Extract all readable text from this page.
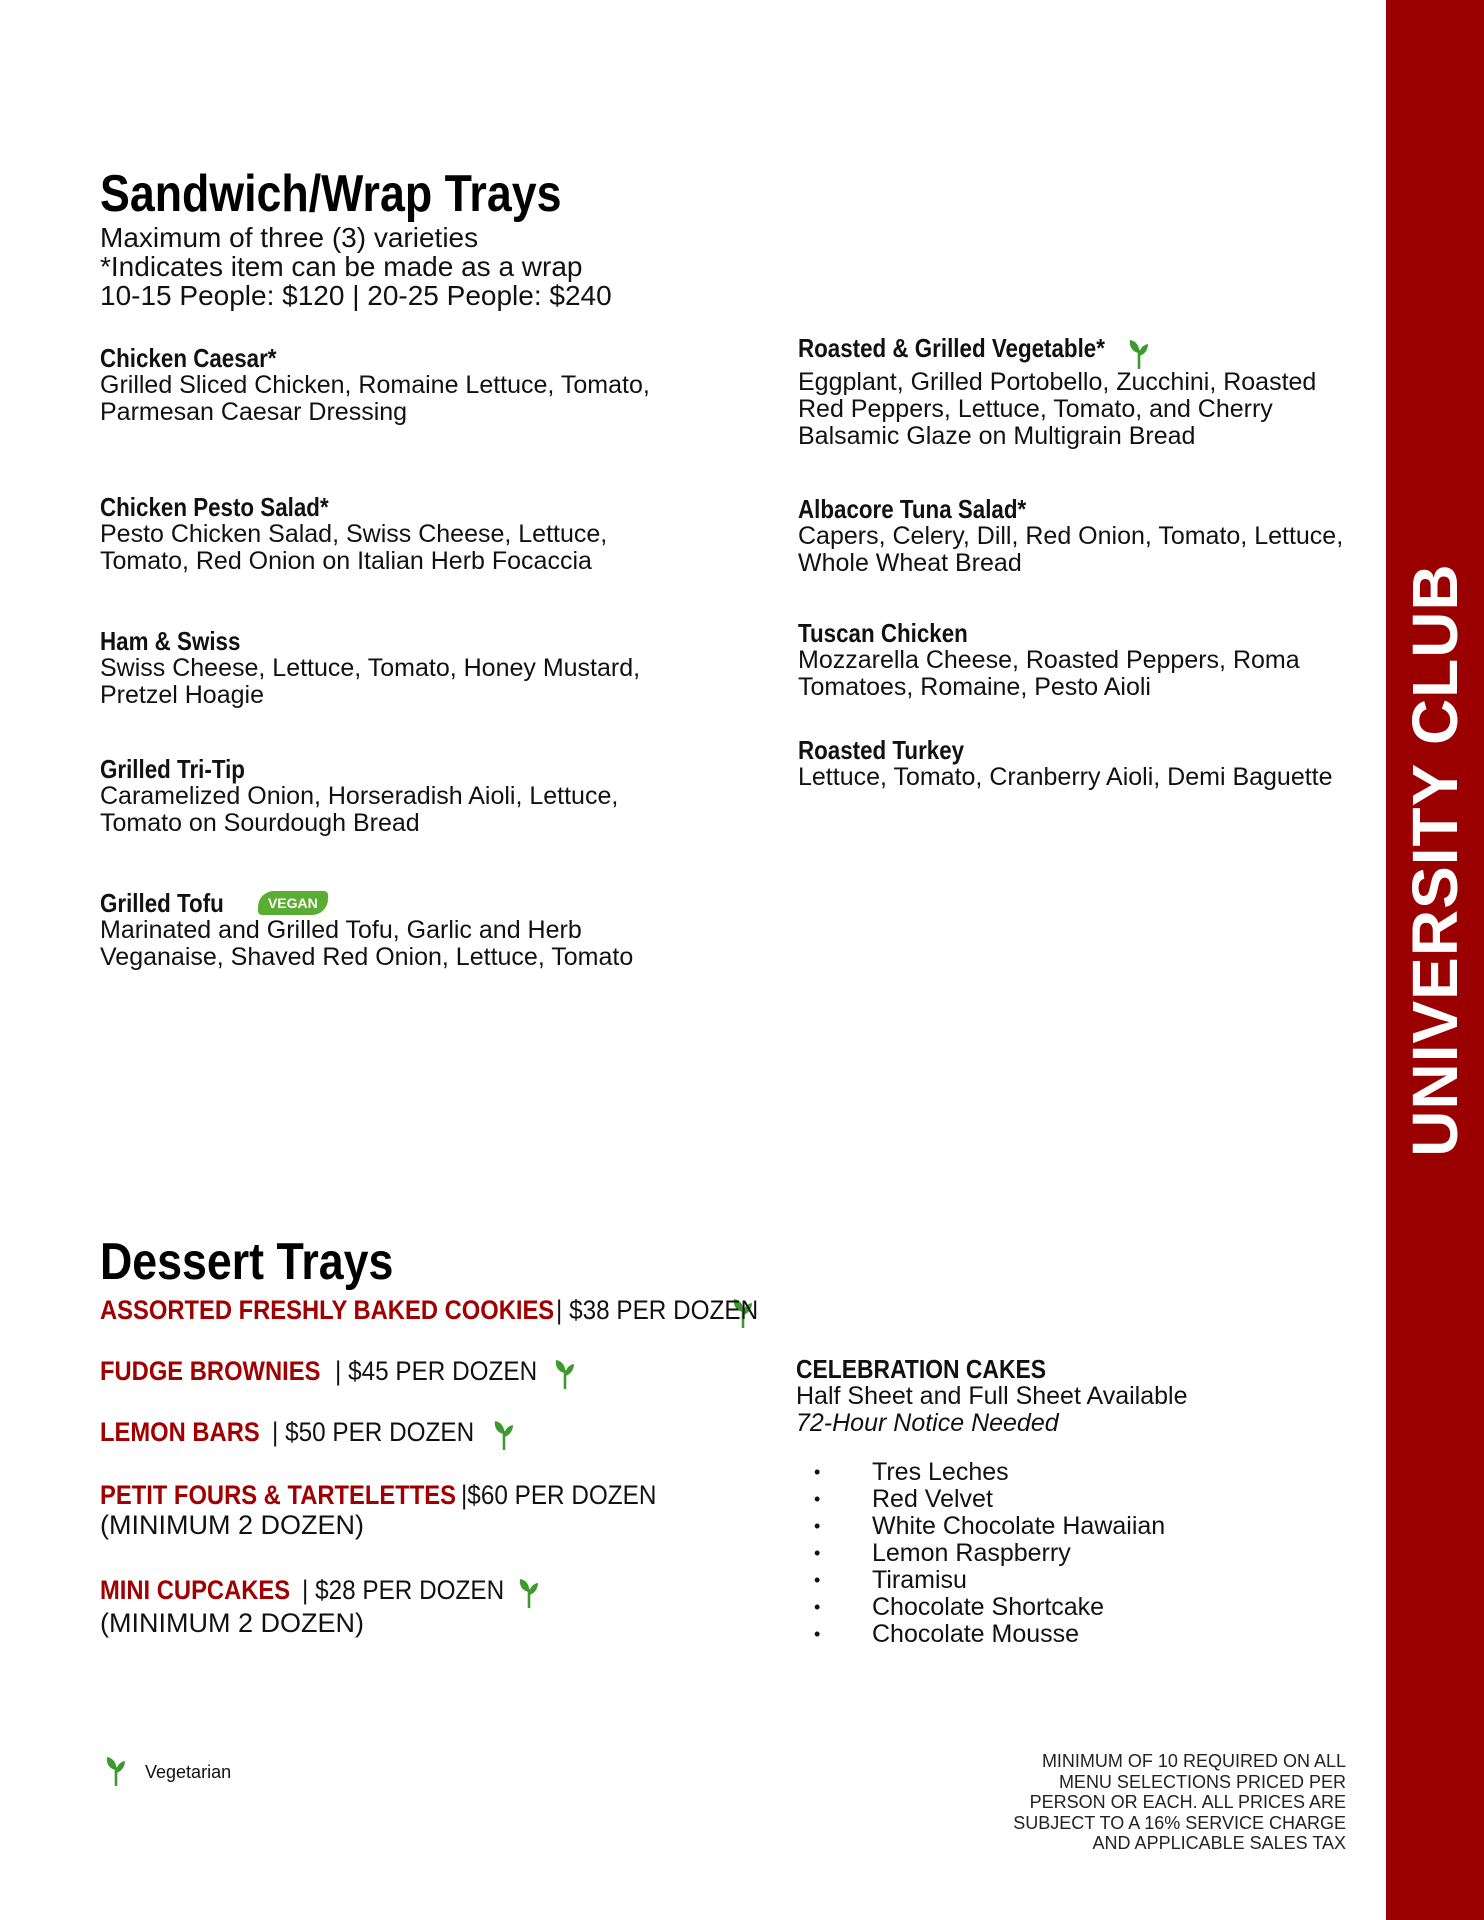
UNIVERSITY CLUB
Sandwich/Wrap Trays
Maximum of three (3) varieties
*Indicates item can be made as a wrap
10-15 People: $120 | 20-25 People: $240
Chicken Caesar*
Grilled Sliced Chicken, Romaine Lettuce, Tomato, Parmesan Caesar Dressing
Chicken Pesto Salad*
Pesto Chicken Salad, Swiss Cheese, Lettuce, Tomato, Red Onion on Italian Herb Focaccia
Ham & Swiss
Swiss Cheese, Lettuce, Tomato, Honey Mustard, Pretzel Hoagie
Grilled Tri-Tip
Caramelized Onion, Horseradish Aioli, Lettuce, Tomato on Sourdough Bread
Grilled Tofu	VEGAN
Marinated and Grilled Tofu, Garlic and Herb Veganaise, Shaved Red Onion, Lettuce, Tomato
Roasted & Grilled Vegetable*
Eggplant, Grilled Portobello, Zucchini, Roasted Red Peppers, Lettuce, Tomato, and Cherry Balsamic Glaze on Multigrain Bread
Albacore Tuna Salad*
Capers, Celery, Dill, Red Onion, Tomato, Lettuce, Whole Wheat Bread
Tuscan Chicken
Mozzarella Cheese, Roasted Peppers, Roma Tomatoes, Romaine, Pesto Aioli
Roasted Turkey
Lettuce, Tomato, Cranberry Aioli, Demi Baguette
Dessert Trays
ASSORTED FRESHLY BAKED COOKIES| $38 PER DOZEN
FUDGE BROWNIES | $45 PER DOZEN
LEMON BARS | $50 PER DOZEN
PETIT FOURS & TARTELETTES |$60 PER DOZEN
(MINIMUM 2 DOZEN)
MINI CUPCAKES | $28 PER DOZEN
(MINIMUM 2 DOZEN)
CELEBRATION CAKES
Half Sheet and Full Sheet Available
72-Hour Notice Needed
• Tres Leches
• Red Velvet
• White Chocolate Hawaiian
• Lemon Raspberry
• Tiramisu
• Chocolate Shortcake
• Chocolate Mousse
Vegetarian
MINIMUM OF 10 REQUIRED ON ALL
MENU SELECTIONS PRICED PER
PERSON OR EACH. ALL PRICES ARE
SUBJECT TO A 16% SERVICE CHARGE
AND APPLICABLE SALES TAX
